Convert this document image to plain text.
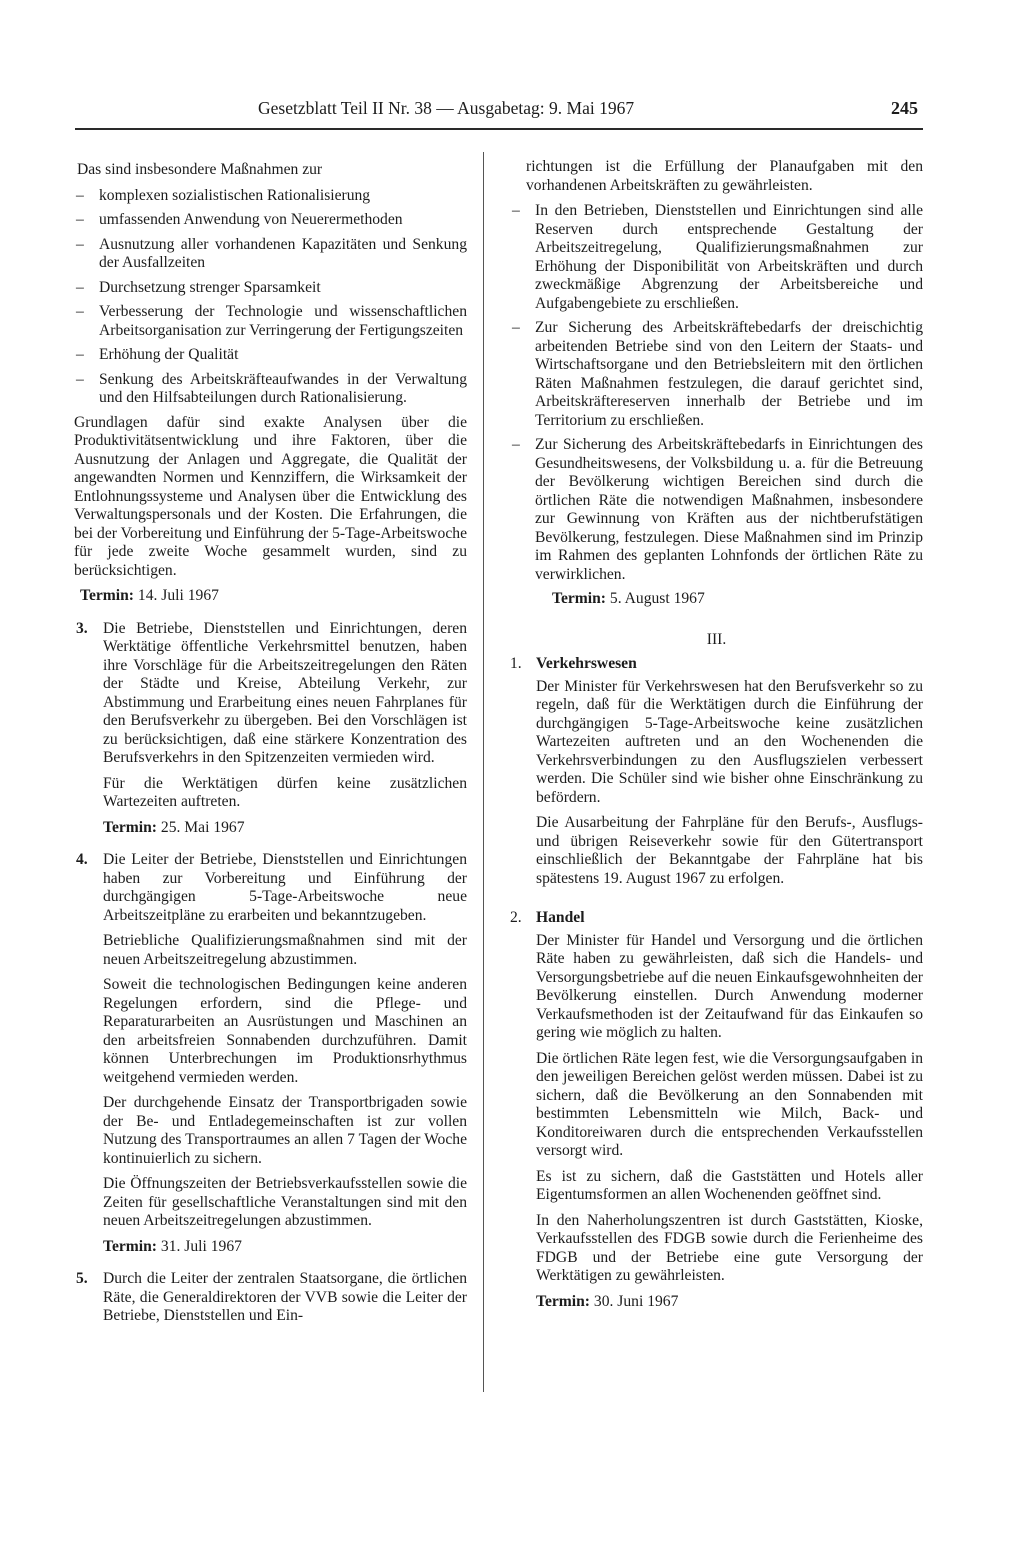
Gesetzblatt Teil II Nr. 38 — Ausgabetag: 9. Mai 1967	245

Das sind insbesondere Maßnahmen zur

– komplexen sozialistischen Rationalisierung
– umfassenden Anwendung von Neuerermethoden
– Ausnutzung aller vorhandenen Kapazitäten und Senkung der Ausfallzeiten
– Durchsetzung strenger Sparsamkeit
– Verbesserung der Technologie und wissenschaftlichen Arbeitsorganisation zur Verringerung der Fertigungszeiten
– Erhöhung der Qualität
– Senkung des Arbeitskräfteaufwandes in der Verwaltung und den Hilfsabteilungen durch Rationalisierung.

Grundlagen dafür sind exakte Analysen über die Produktivitätsentwicklung und ihre Faktoren, über die Ausnutzung der Anlagen und Aggregate, die Qualität der angewandten Normen und Kennziffern, die Wirksamkeit der Entlohnungssysteme und Analysen über die Entwicklung des Verwaltungspersonals und der Kosten. Die Erfahrungen, die bei der Vorbereitung und Einführung der 5-Tage-Arbeitswoche für jede zweite Woche gesammelt wurden, sind zu berücksichtigen.

Termin: 14. Juli 1967

3. Die Betriebe, Dienststellen und Einrichtungen, deren Werktätige öffentliche Verkehrsmittel benutzen, haben ihre Vorschläge für die Arbeitszeitregelungen den Räten der Städte und Kreise, Abteilung Verkehr, zur Abstimmung und Erarbeitung eines neuen Fahrplanes für den Berufsverkehr zu übergeben. Bei den Vorschlägen ist zu berücksichtigen, daß eine stärkere Konzentration des Berufsverkehrs in den Spitzenzeiten vermieden wird.

Für die Werktätigen dürfen keine zusätzlichen Wartezeiten auftreten.

Termin: 25. Mai 1967

4. Die Leiter der Betriebe, Dienststellen und Einrichtungen haben zur Vorbereitung und Einführung der durchgängigen 5-Tage-Arbeitswoche neue Arbeitszeitpläne zu erarbeiten und bekanntzugeben.

Betriebliche Qualifizierungsmaßnahmen sind mit der neuen Arbeitszeitregelung abzustimmen.

Soweit die technologischen Bedingungen keine anderen Regelungen erfordern, sind die Pflege- und Reparaturarbeiten an Ausrüstungen und Maschinen an den arbeitsfreien Sonnabenden durchzuführen. Damit können Unterbrechungen im Produktionsrhythmus weitgehend vermieden werden.

Der durchgehende Einsatz der Transportbrigaden sowie der Be- und Entladegemeinschaften ist zur vollen Nutzung des Transportraumes an allen 7 Tagen der Woche kontinuierlich zu sichern.

Die Öffnungszeiten der Betriebsverkaufsstellen sowie die Zeiten für gesellschaftliche Veranstaltungen sind mit den neuen Arbeitszeitregelungen abzustimmen.

Termin: 31. Juli 1967

5. Durch die Leiter der zentralen Staatsorgane, die örtlichen Räte, die Generaldirektoren der VVB sowie die Leiter der Betriebe, Dienststellen und Ein-

richtungen ist die Erfüllung der Planaufgaben mit den vorhandenen Arbeitskräften zu gewährleisten.

– In den Betrieben, Dienststellen und Einrichtungen sind alle Reserven durch entsprechende Gestaltung der Arbeitszeitregelung, Qualifizierungsmaßnahmen zur Erhöhung der Disponibilität von Arbeitskräften und durch zweckmäßige Abgrenzung der Arbeitsbereiche und Aufgabengebiete zu erschließen.
– Zur Sicherung des Arbeitskräftebedarfs der dreischichtig arbeitenden Betriebe sind von den Leitern der Staats- und Wirtschaftsorgane und den Betriebsleitern mit den örtlichen Räten Maßnahmen festzulegen, die darauf gerichtet sind, Arbeitskräftereserven innerhalb der Betriebe und im Territorium zu erschließen.
– Zur Sicherung des Arbeitskräftebedarfs in Einrichtungen des Gesundheitswesens, der Volksbildung u. a. für die Betreuung der Bevölkerung wichtigen Bereichen sind durch die örtlichen Räte die notwendigen Maßnahmen, insbesondere zur Gewinnung von Kräften aus der nichtberufstätigen Bevölkerung, festzulegen. Diese Maßnahmen sind im Prinzip im Rahmen des geplanten Lohnfonds der örtlichen Räte zu verwirklichen.

Termin: 5. August 1967

III.

1. Verkehrswesen

Der Minister für Verkehrswesen hat den Berufsverkehr so zu regeln, daß für die Werktätigen durch die Einführung der durchgängigen 5-Tage-Arbeitswoche keine zusätzlichen Wartezeiten auftreten und an den Wochenenden die Verkehrsverbindungen zu den Ausflugszielen verbessert werden. Die Schüler sind wie bisher ohne Einschränkung zu befördern.

Die Ausarbeitung der Fahrpläne für den Berufs-, Ausflugs- und übrigen Reiseverkehr sowie für den Gütertransport einschließlich der Bekanntgabe der Fahrpläne hat bis spätestens 19. August 1967 zu erfolgen.

2. Handel

Der Minister für Handel und Versorgung und die örtlichen Räte haben zu gewährleisten, daß sich die Handels- und Versorgungsbetriebe auf die neuen Einkaufsgewohnheiten der Bevölkerung einstellen. Durch Anwendung moderner Verkaufsmethoden ist der Zeitaufwand für das Einkaufen so gering wie möglich zu halten.

Die örtlichen Räte legen fest, wie die Versorgungsaufgaben in den jeweiligen Bereichen gelöst werden müssen. Dabei ist zu sichern, daß die Bevölkerung an den Sonnabenden mit bestimmten Lebensmitteln wie Milch, Back- und Konditoreiwaren durch die entsprechenden Verkaufsstellen versorgt wird.

Es ist zu sichern, daß die Gaststätten und Hotels aller Eigentumsformen an allen Wochenenden geöffnet sind.

In den Naherholungszentren ist durch Gaststätten, Kioske, Verkaufsstellen des FDGB sowie durch die Ferienheime des FDGB und der Betriebe eine gute Versorgung der Werktätigen zu gewährleisten.

Termin: 30. Juni 1967
